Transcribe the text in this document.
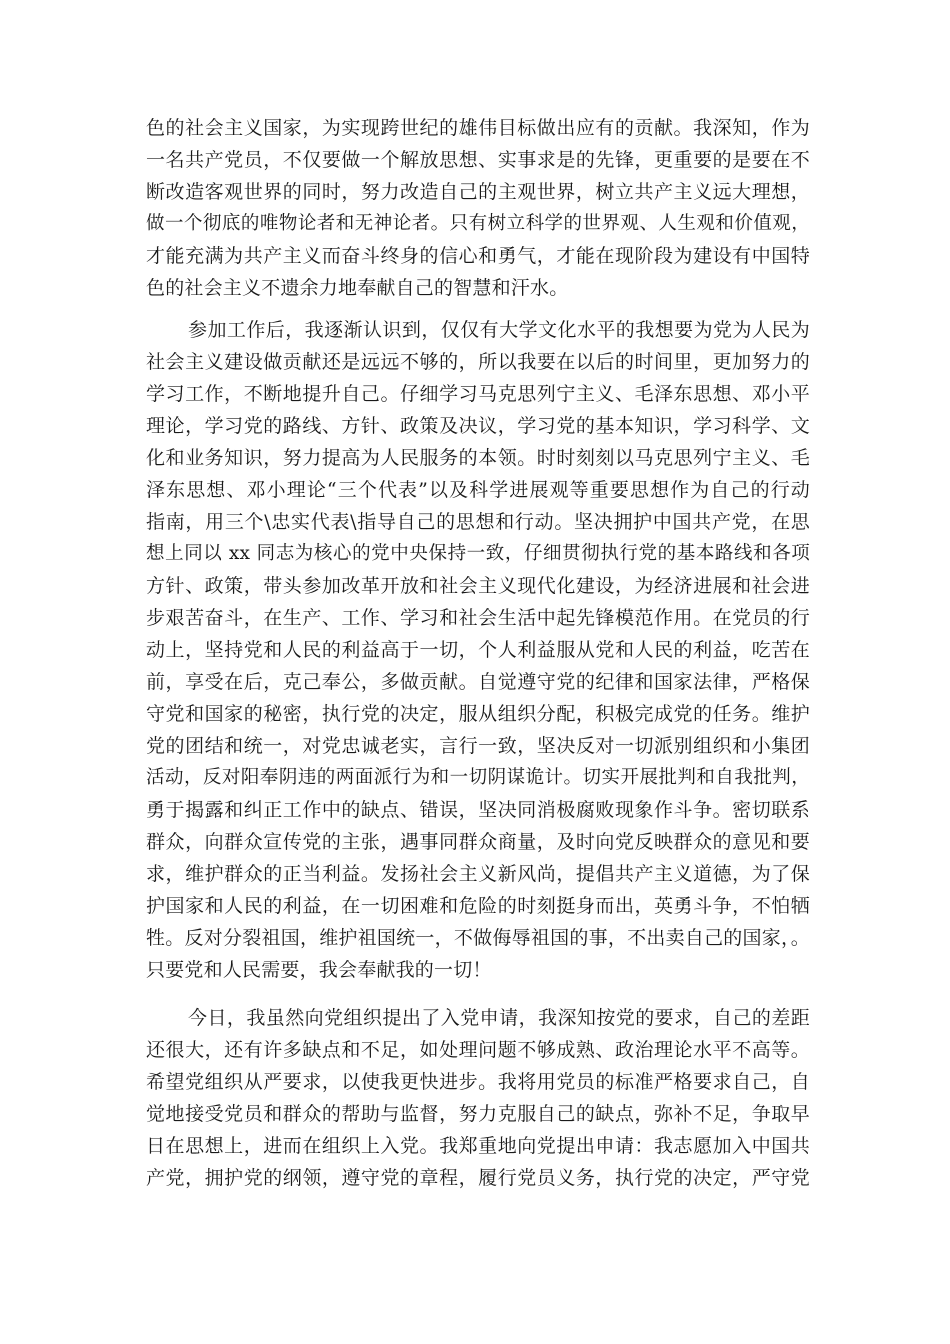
色的社会主义国家，为实现跨世纪的雄伟目标做出应有的贡献。我深知，作为
一名共产党员，不仅要做一个解放思想、实事求是的先锋，更重要的是要在不
断改造客观世界的同时，努力改造自己的主观世界，树立共产主义远大理想，
做一个彻底的唯物论者和无神论者。只有树立科学的世界观、人生观和价值观，
才能充满为共产主义而奋斗终身的信心和勇气，才能在现阶段为建设有中国特
色的社会主义不遗余力地奉献自己的智慧和汗水。
参加工作后，我逐渐认识到，仅仅有大学文化水平的我想要为党为人民为
社会主义建设做贡献还是远远不够的，所以我要在以后的时间里，更加努力的
学习工作，不断地提升自己。仔细学习马克思列宁主义、毛泽东思想、邓小平
理论，学习党的路线、方针、政策及决议，学习党的基本知识，学习科学、文
化和业务知识，努力提高为人民服务的本领。时时刻刻以马克思列宁主义、毛
泽东思想、邓小理论“三个代表”以及科学进展观等重要思想作为自己的行动
指南，用三个\忠实代表\指导自己的思想和行动。坚决拥护中国共产党，在思
想上同以 xx 同志为核心的党中央保持一致，仔细贯彻执行党的基本路线和各项
方针、政策，带头参加改革开放和社会主义现代化建设，为经济进展和社会进
步艰苦奋斗，在生产、工作、学习和社会生活中起先锋模范作用。在党员的行
动上，坚持党和人民的利益高于一切，个人利益服从党和人民的利益，吃苦在
前，享受在后，克己奉公，多做贡献。自觉遵守党的纪律和国家法律，严格保
守党和国家的秘密，执行党的决定，服从组织分配，积极完成党的任务。维护
党的团结和统一，对党忠诚老实，言行一致，坚决反对一切派别组织和小集团
活动，反对阳奉阴违的两面派行为和一切阴谋诡计。切实开展批判和自我批判，
勇于揭露和纠正工作中的缺点、错误，坚决同消极腐败现象作斗争。密切联系
群众，向群众宣传党的主张，遇事同群众商量，及时向党反映群众的意见和要
求，维护群众的正当利益。发扬社会主义新风尚，提倡共产主义道德，为了保
护国家和人民的利益，在一切困难和危险的时刻挺身而出，英勇斗争，不怕牺
牲。反对分裂祖国，维护祖国统一，不做侮辱祖国的事，不出卖自己的国家，。
只要党和人民需要，我会奉献我的一切！
今日，我虽然向党组织提出了入党申请，我深知按党的要求，自己的差距
还很大，还有许多缺点和不足，如处理问题不够成熟、政治理论水平不高等。
希望党组织从严要求，以使我更快进步。我将用党员的标准严格要求自己，自
觉地接受党员和群众的帮助与监督，努力克服自己的缺点，弥补不足，争取早
日在思想上，进而在组织上入党。我郑重地向党提出申请：我志愿加入中国共
产党，拥护党的纲领，遵守党的章程，履行党员义务，执行党的决定，严守党
